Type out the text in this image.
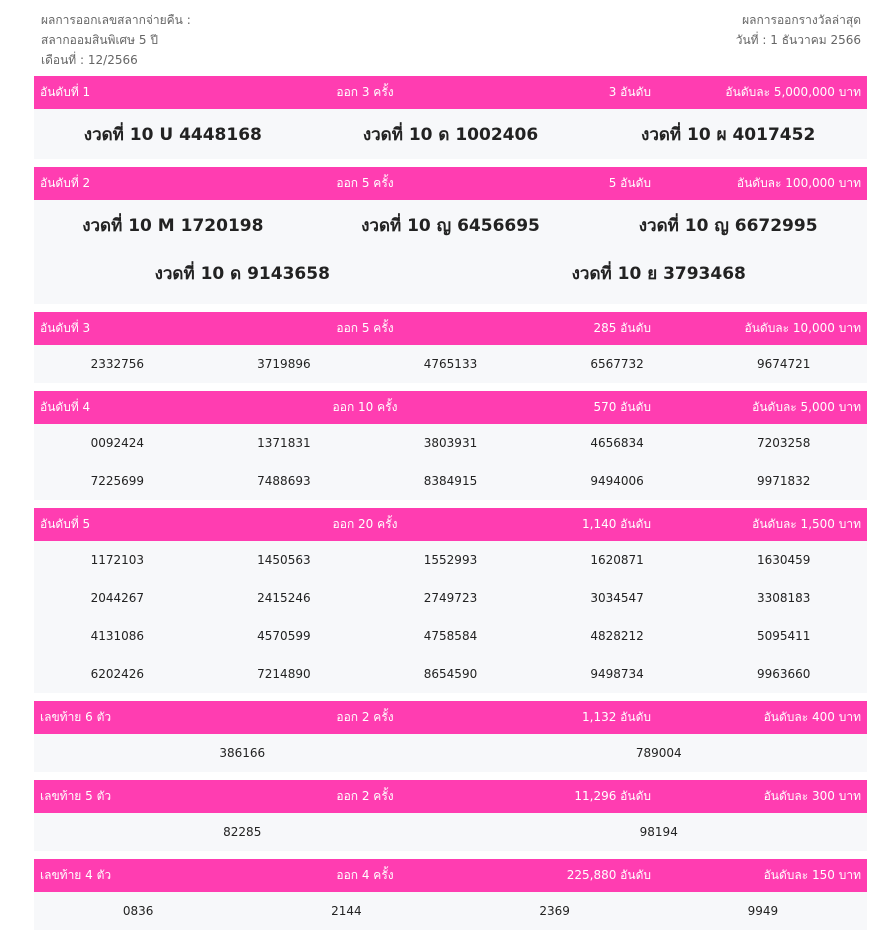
ผลการออกเลขสลากจ่ายคืน :
สลากออมสินพิเศษ 5 ปี
เดือนที่ : 12/2566
ผลการออกรางวัลล่าสุด
วันที่ : 1 ธันวาคม 2566
อันดับที่ 1	ออก 3 ครั้ง	3 อันดับ	อันดับละ 5,000,000 บาท
งวดที่ 10 U 4448168	งวดที่ 10 ด 1002406	งวดที่ 10 ผ 4017452
อันดับที่ 2	ออก 5 ครั้ง	5 อันดับ	อันดับละ 100,000 บาท
งวดที่ 10 M 1720198	งวดที่ 10 ญ 6456695	งวดที่ 10 ญ 6672995
งวดที่ 10 ด 9143658	งวดที่ 10 ย 3793468
อันดับที่ 3	ออก 5 ครั้ง	285 อันดับ	อันดับละ 10,000 บาท
2332756	3719896	4765133	6567732	9674721
อันดับที่ 4	ออก 10 ครั้ง	570 อันดับ	อันดับละ 5,000 บาท
0092424	1371831	3803931	4656834	7203258
7225699	7488693	8384915	9494006	9971832
อันดับที่ 5	ออก 20 ครั้ง	1,140 อันดับ	อันดับละ 1,500 บาท
1172103	1450563	1552993	1620871	1630459
2044267	2415246	2749723	3034547	3308183
4131086	4570599	4758584	4828212	5095411
6202426	7214890	8654590	9498734	9963660
เลขท้าย 6 ตัว	ออก 2 ครั้ง	1,132 อันดับ	อันดับละ 400 บาท
386166	789004
เลขท้าย 5 ตัว	ออก 2 ครั้ง	11,296 อันดับ	อันดับละ 300 บาท
82285	98194
เลขท้าย 4 ตัว	ออก 4 ครั้ง	225,880 อันดับ	อันดับละ 150 บาท
0836	2144	2369	9949
